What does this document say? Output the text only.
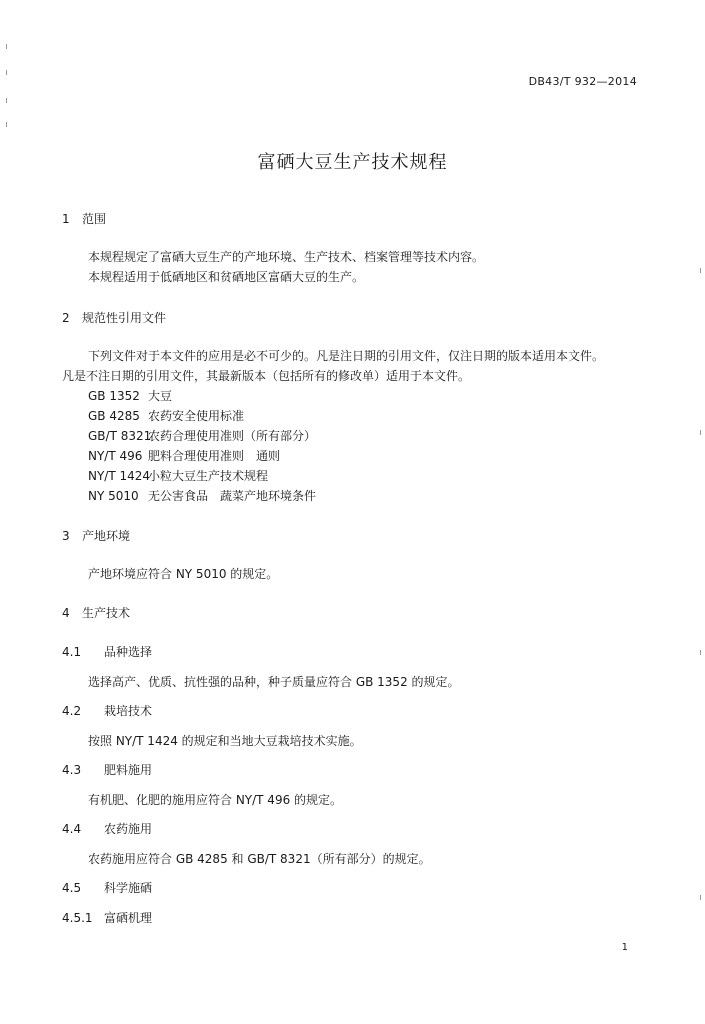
DB43/T 932—2014
富硒大豆生产技术规程
1 范围
本规程规定了富硒大豆生产的产地环境、生产技术、档案管理等技术内容。
本规程适用于低硒地区和贫硒地区富硒大豆的生产。
2 规范性引用文件
下列文件对于本文件的应用是必不可少的。凡是注日期的引用文件，仅注日期的版本适用本文件。
凡是不注日期的引用文件，其最新版本（包括所有的修改单）适用于本文件。
GB 1352 大豆
GB 4285 农药安全使用标准
GB/T 8321农药合理使用准则（所有部分）
NY/T 496 肥料合理使用准则　通则
NY/T 1424小粒大豆生产技术规程
NY 5010 无公害食品　蔬菜产地环境条件
3 产地环境
产地环境应符合 NY 5010 的规定。
4 生产技术
4.1 品种选择
选择高产、优质、抗性强的品种，种子质量应符合 GB 1352 的规定。
4.2 栽培技术
按照 NY/T 1424 的规定和当地大豆栽培技术实施。
4.3 肥料施用
有机肥、化肥的施用应符合 NY/T 496 的规定。
4.4 农药施用
农药施用应符合 GB 4285 和 GB/T 8321（所有部分）的规定。
4.5 科学施硒
4.5.1 富硒机理
1
